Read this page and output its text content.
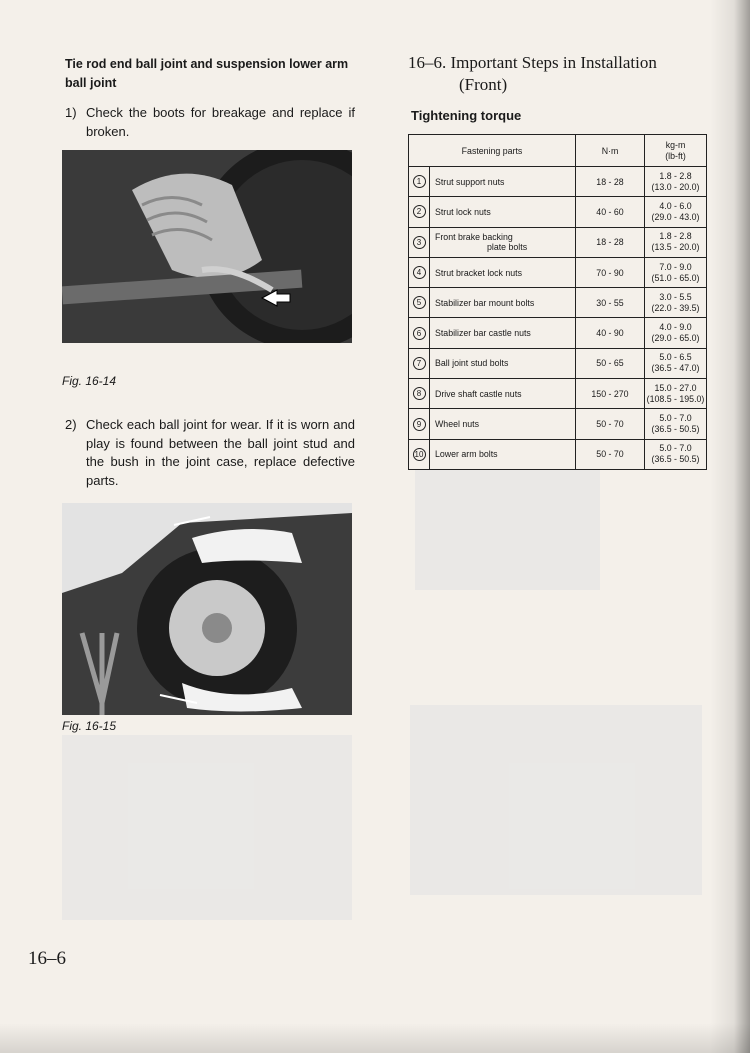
Tie rod end ball joint and suspension lower arm ball joint
1) Check the boots for breakage and replace if broken.
Fig. 16-14
2) Check each ball joint for wear. If it is worn and play is found between the ball joint stud and the bush in the joint case, replace defective parts.
Fig. 16-15
16–6. Important Steps in Installation
(Front)
Tightening torque
Fastening parts		N·m	kg-m
(lb-ft)
1	Strut support nuts	18 - 28	1.8 - 2.8
(13.0 - 20.0)
2	Strut lock nuts	40 - 60	4.0 - 6.0
(29.0 - 43.0)
3	Front brake backing
plate bolts	18 - 28	1.8 - 2.8
(13.5 - 20.0)
4	Strut bracket lock nuts	70 - 90	7.0 - 9.0
(51.0 - 65.0)
5	Stabilizer bar mount bolts	30 - 55	3.0 - 5.5
(22.0 - 39.5)
6	Stabilizer bar castle nuts	40 - 90	4.0 - 9.0
(29.0 - 65.0)
7	Ball joint stud bolts	50 - 65	5.0 - 6.5
(36.5 - 47.0)
8	Drive shaft castle nuts	150 - 270	15.0 - 27.0
(108.5 - 195.0)
9	Wheel nuts	50 - 70	5.0 - 7.0
(36.5 - 50.5)
10	Lower arm bolts	50 - 70	5.0 - 7.0
(36.5 - 50.5)
16–6
